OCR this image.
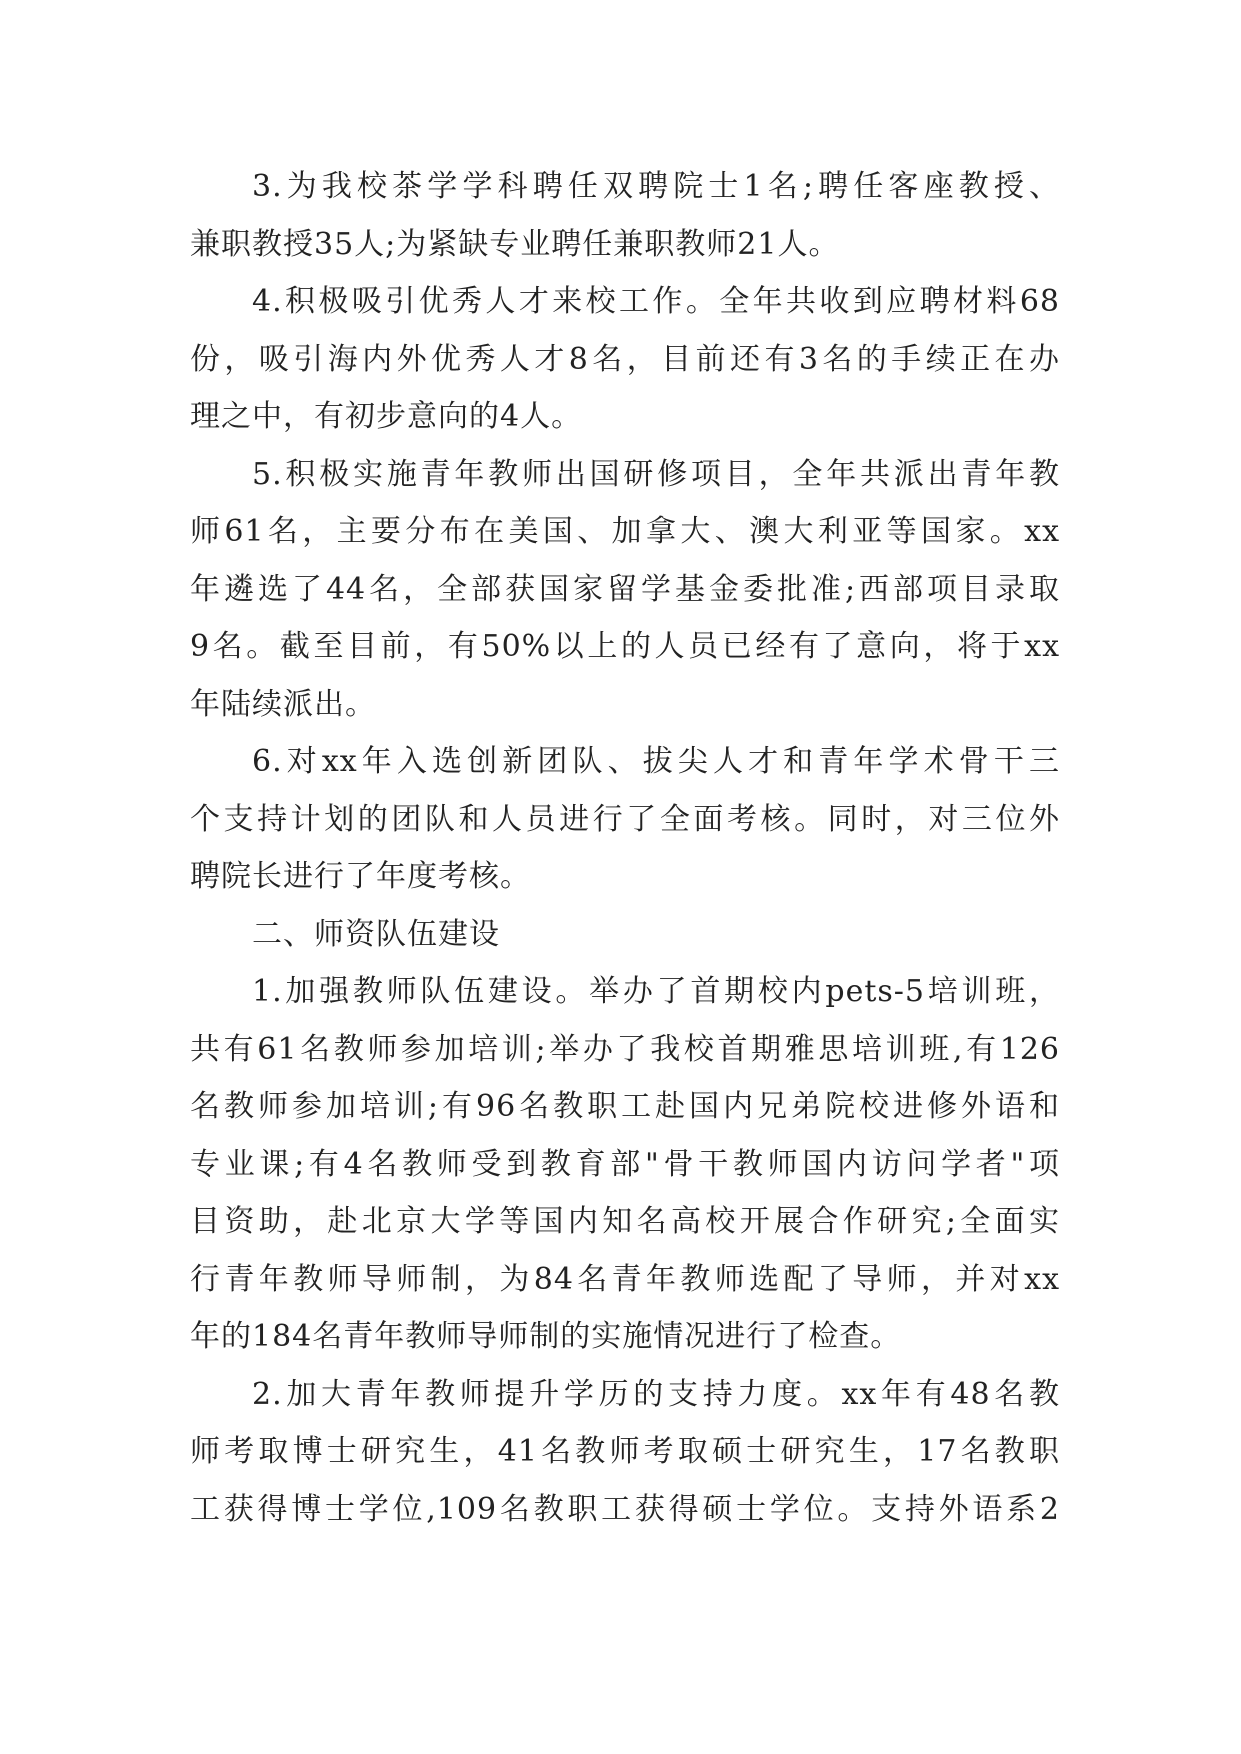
3.为我校茶学学科聘任双聘院士1名;聘任客座教授、
兼职教授35人;为紧缺专业聘任兼职教师21人。
4.积极吸引优秀人才来校工作。全年共收到应聘材料68
份，吸引海内外优秀人才8名，目前还有3名的手续正在办
理之中，有初步意向的4人。
5.积极实施青年教师出国研修项目，全年共派出青年教
师61名，主要分布在美国、加拿大、澳大利亚等国家。xx
年遴选了44名，全部获国家留学基金委批准;西部项目录取
9名。截至目前，有50%以上的人员已经有了意向，将于xx
年陆续派出。
6.对xx年入选创新团队、拔尖人才和青年学术骨干三
个支持计划的团队和人员进行了全面考核。同时，对三位外
聘院长进行了年度考核。
二、师资队伍建设
1.加强教师队伍建设。举办了首期校内pets-5培训班，
共有61名教师参加培训;举办了我校首期雅思培训班,有126
名教师参加培训;有96名教职工赴国内兄弟院校进修外语和
专业课;有4名教师受到教育部"骨干教师国内访问学者"项
目资助，赴北京大学等国内知名高校开展合作研究;全面实
行青年教师导师制，为84名青年教师选配了导师，并对xx
年的184名青年教师导师制的实施情况进行了检查。
2.加大青年教师提升学历的支持力度。xx年有48名教
师考取博士研究生，41名教师考取硕士研究生，17名教职
工获得博士学位,109名教职工获得硕士学位。支持外语系2
